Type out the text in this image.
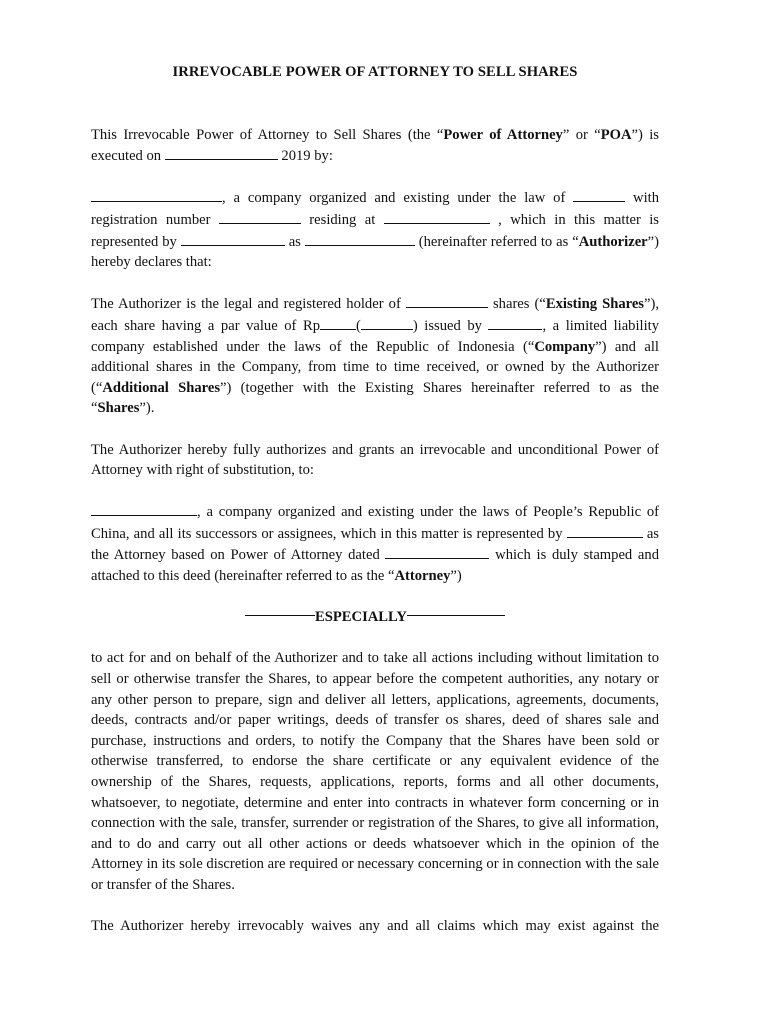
IRREVOCABLE POWER OF ATTORNEY TO SELL SHARES

This Irrevocable Power of Attorney to Sell Shares (the “Power of Attorney” or “POA”) is executed on	2019 by:

, a company organized and existing under the law of	with registration number	residing at	, which in this matter is represented by	as	(hereinafter referred to as “Authorizer”) hereby declares that:

The Authorizer is the legal and registered holder of	shares (“Existing Shares”), each share having a par value of Rp (	) issued by	, a limited liability company established under the laws of the Republic of Indonesia (“Company”) and all additional shares in the Company, from time to time received, or owned by the Authorizer (“Additional Shares”) (together with the Existing Shares hereinafter referred to as the “Shares”).

The Authorizer hereby fully authorizes and grants an irrevocable and unconditional Power of Attorney with right of substitution, to:

, a company organized and existing under the laws of People’s Republic of China, and all its successors or assignees, which in this matter is represented by	as the Attorney based on Power of Attorney dated	which is duly stamped and attached to this deed (hereinafter referred to as the “Attorney”)

ESPECIALLY

to act for and on behalf of the Authorizer and to take all actions including without limitation to sell or otherwise transfer the Shares, to appear before the competent authorities, any notary or any other person to prepare, sign and deliver all letters, applications, agreements, documents, deeds, contracts and/or paper writings, deeds of transfer os shares, deed of shares sale and purchase, instructions and orders, to notify the Company that the Shares have been sold or otherwise transferred, to endorse the share certificate or any equivalent evidence of the ownership of the Shares, requests, applications, reports, forms and all other documents, whatsoever, to negotiate, determine and enter into contracts in whatever form concerning or in connection with the sale, transfer, surrender or registration of the Shares, to give all information, and to do and carry out all other actions or deeds whatsoever which in the opinion of the Attorney in its sole discretion are required or necessary concerning or in connection with the sale or transfer of the Shares.

The Authorizer hereby irrevocably waives any and all claims which may exist against the
